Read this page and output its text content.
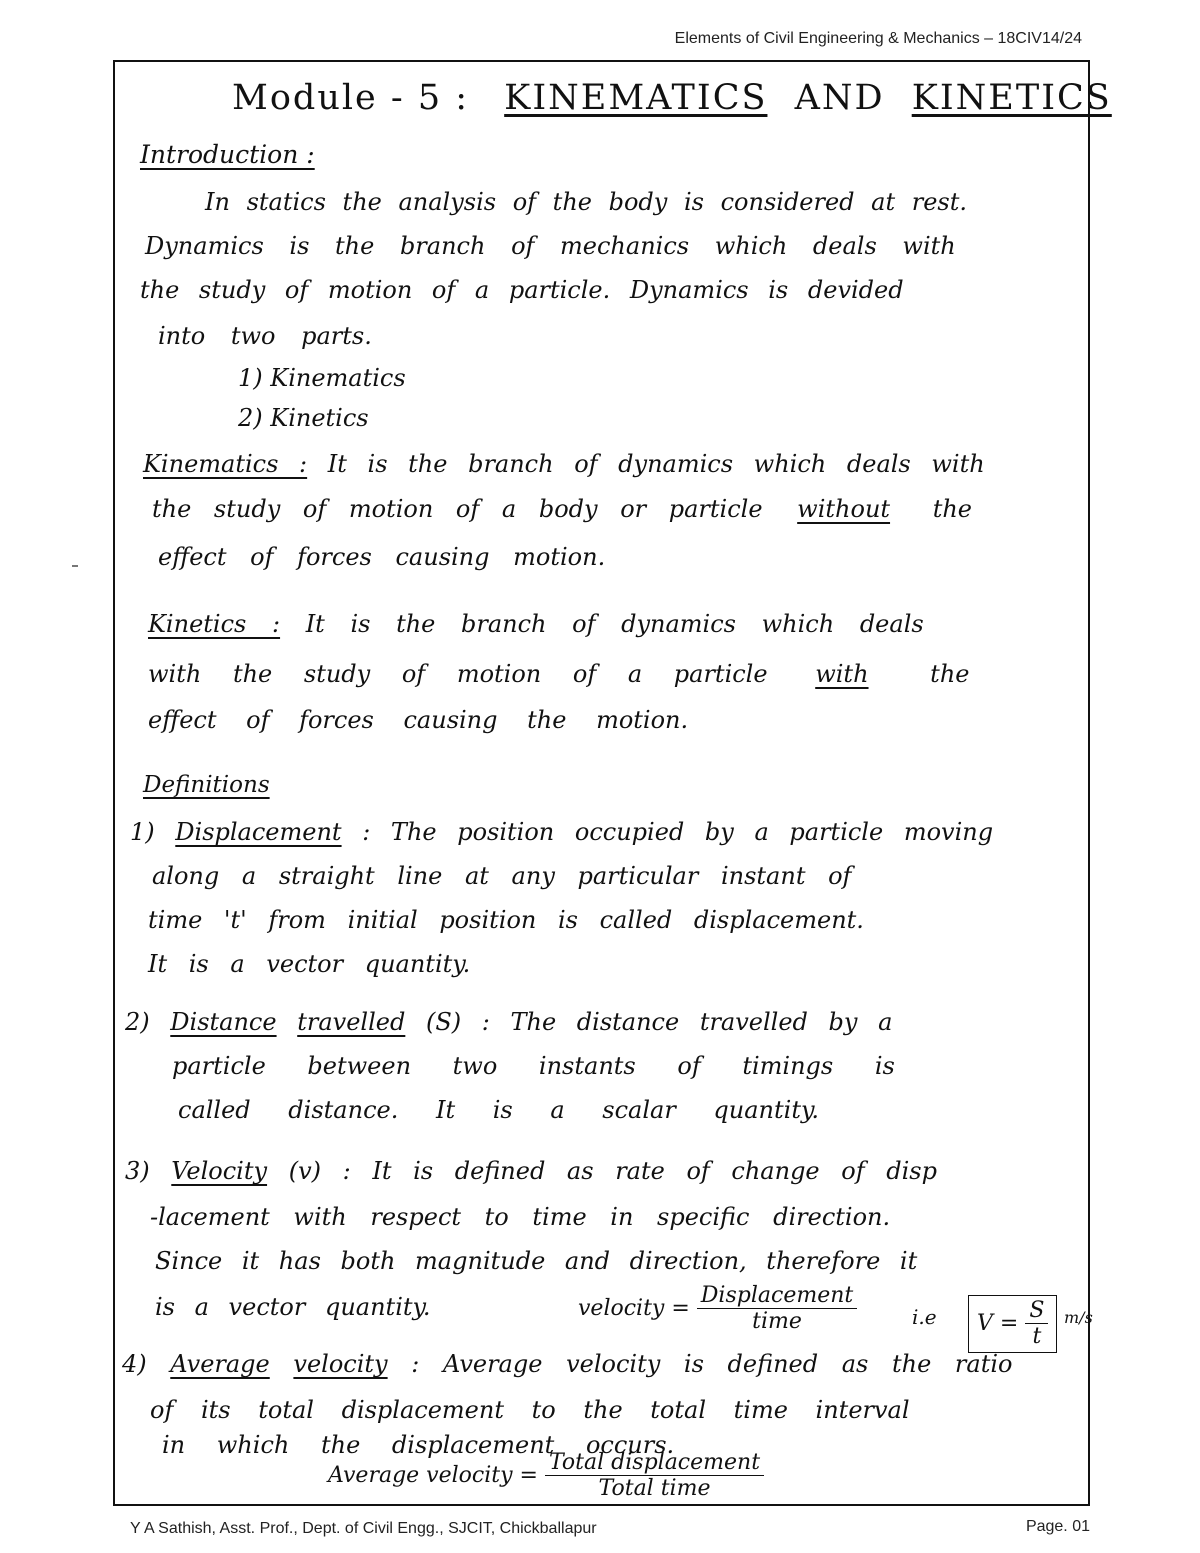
Elements of Civil Engineering & Mechanics – 18CIV14/24
Module - 5 : KINEMATICS AND KINETICS
Introduction :
In statics the analysis of the body is considered at rest.
Dynamics is the branch of mechanics which deals with
the study of motion of a particle. Dynamics is devided
into two parts.
1) Kinematics
2) Kinetics
Kinematics : It is the branch of dynamics which deals with
the study of motion of a body or particle without the
effect of forces causing motion.
Kinetics : It is the branch of dynamics which deals
with the study of motion of a particle with	the
effect of forces causing the motion.
Definitions
1) Displacement : The position occupied by a particle moving
along a straight line at any particular instant of
time 't' from initial position is called displacement.
It is a vector quantity.
2) Distance travelled (S) : The distance travelled by a
particle between two instants of timings is
called distance. It is a scalar quantity.
3) Velocity (v) : It is defined as rate of change of disp
-lacement with respect to time in specific direction.
Since it has both magnitude and direction, therefore it
is a vector quantity.	velocity = $\frac{\text{Displacement}}{\text{time}}$	i.e	$V = \frac{S}{t} m/s$
4) Average velocity : Average velocity is defined as the ratio
of its total displacement to the total time interval
in which the displacement occurs.
Average velocity = $\frac{\text{Total displacement}}{\text{Total time}}$
Y A Sathish, Asst. Prof., Dept. of Civil Engg., SJCIT, Chickballapur	Page. 01
